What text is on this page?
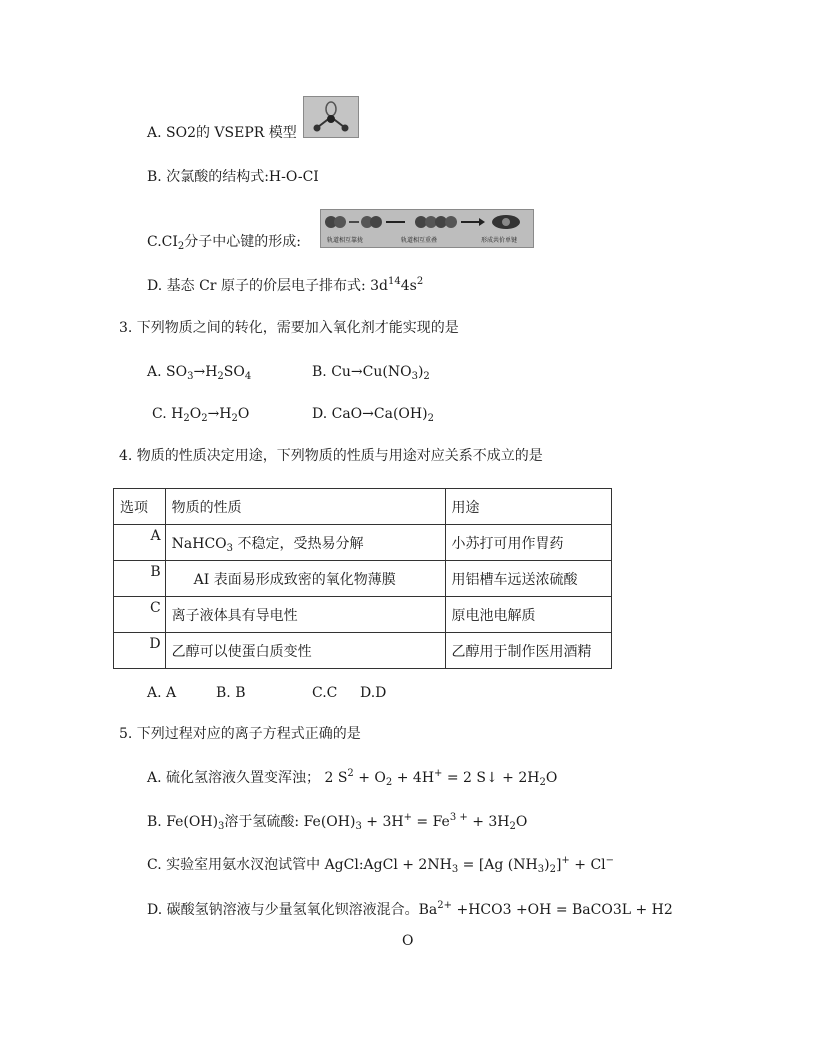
A. SO2的 VSEPR 模型
B. 次氯酸的结构式:H-O-CI
$C.CI_2$分子中心键的形成:	轨道相互靠拢	轨道相互重叠	形成共价单键
D. 基态 Cr 原子的价层电子排布式: $3d^{14}4s^2$
3. 下列物质之间的转化，需要加入氧化剂才能实现的是
A. $SO_3\to H_2SO_4$	B. $Cu\to Cu(NO_3)_2$
C. $H_2O_2\to H_2O$	D. $CaO\to Ca(OH)_2$
4. 物质的性质决定用途，下列物质的性质与用途对应关系不成立的是
选项	物质的性质	用途
A	NaHCO$_3$ 不稳定，受热易分解	小苏打可用作胃药
B	AI 表面易形成致密的氧化物薄膜	用铝槽车远送浓硫酸
C	离子液体具有导电性	原电池电解质
D	乙醇可以使蛋白质变性	乙醇用于制作医用酒精
A. A	B. B	C.C D.D
5. 下列过程对应的离子方程式正确的是
A. 硫化氢溶液久置变浑浊； 2 $S^2 + O_2 + 4H^+ = 2$ S↓ + $2H_2O$
B. $Fe(OH)_3$溶于氢硫酸: $Fe(OH)_3 + 3H^+ = Fe^{3 +} + 3H_2O$
C. 实验室用氨水汊泡试管中 AgCl:AgCl + $2NH_3 = [Ag$ $(NH_3)_2]^+ + Cl^-$
D. 碳酸氢钠溶液与少量氢氧化钡溶液混合。$Ba^{2+} +HCO3 +OH$ = BaCO3L + H2
O
